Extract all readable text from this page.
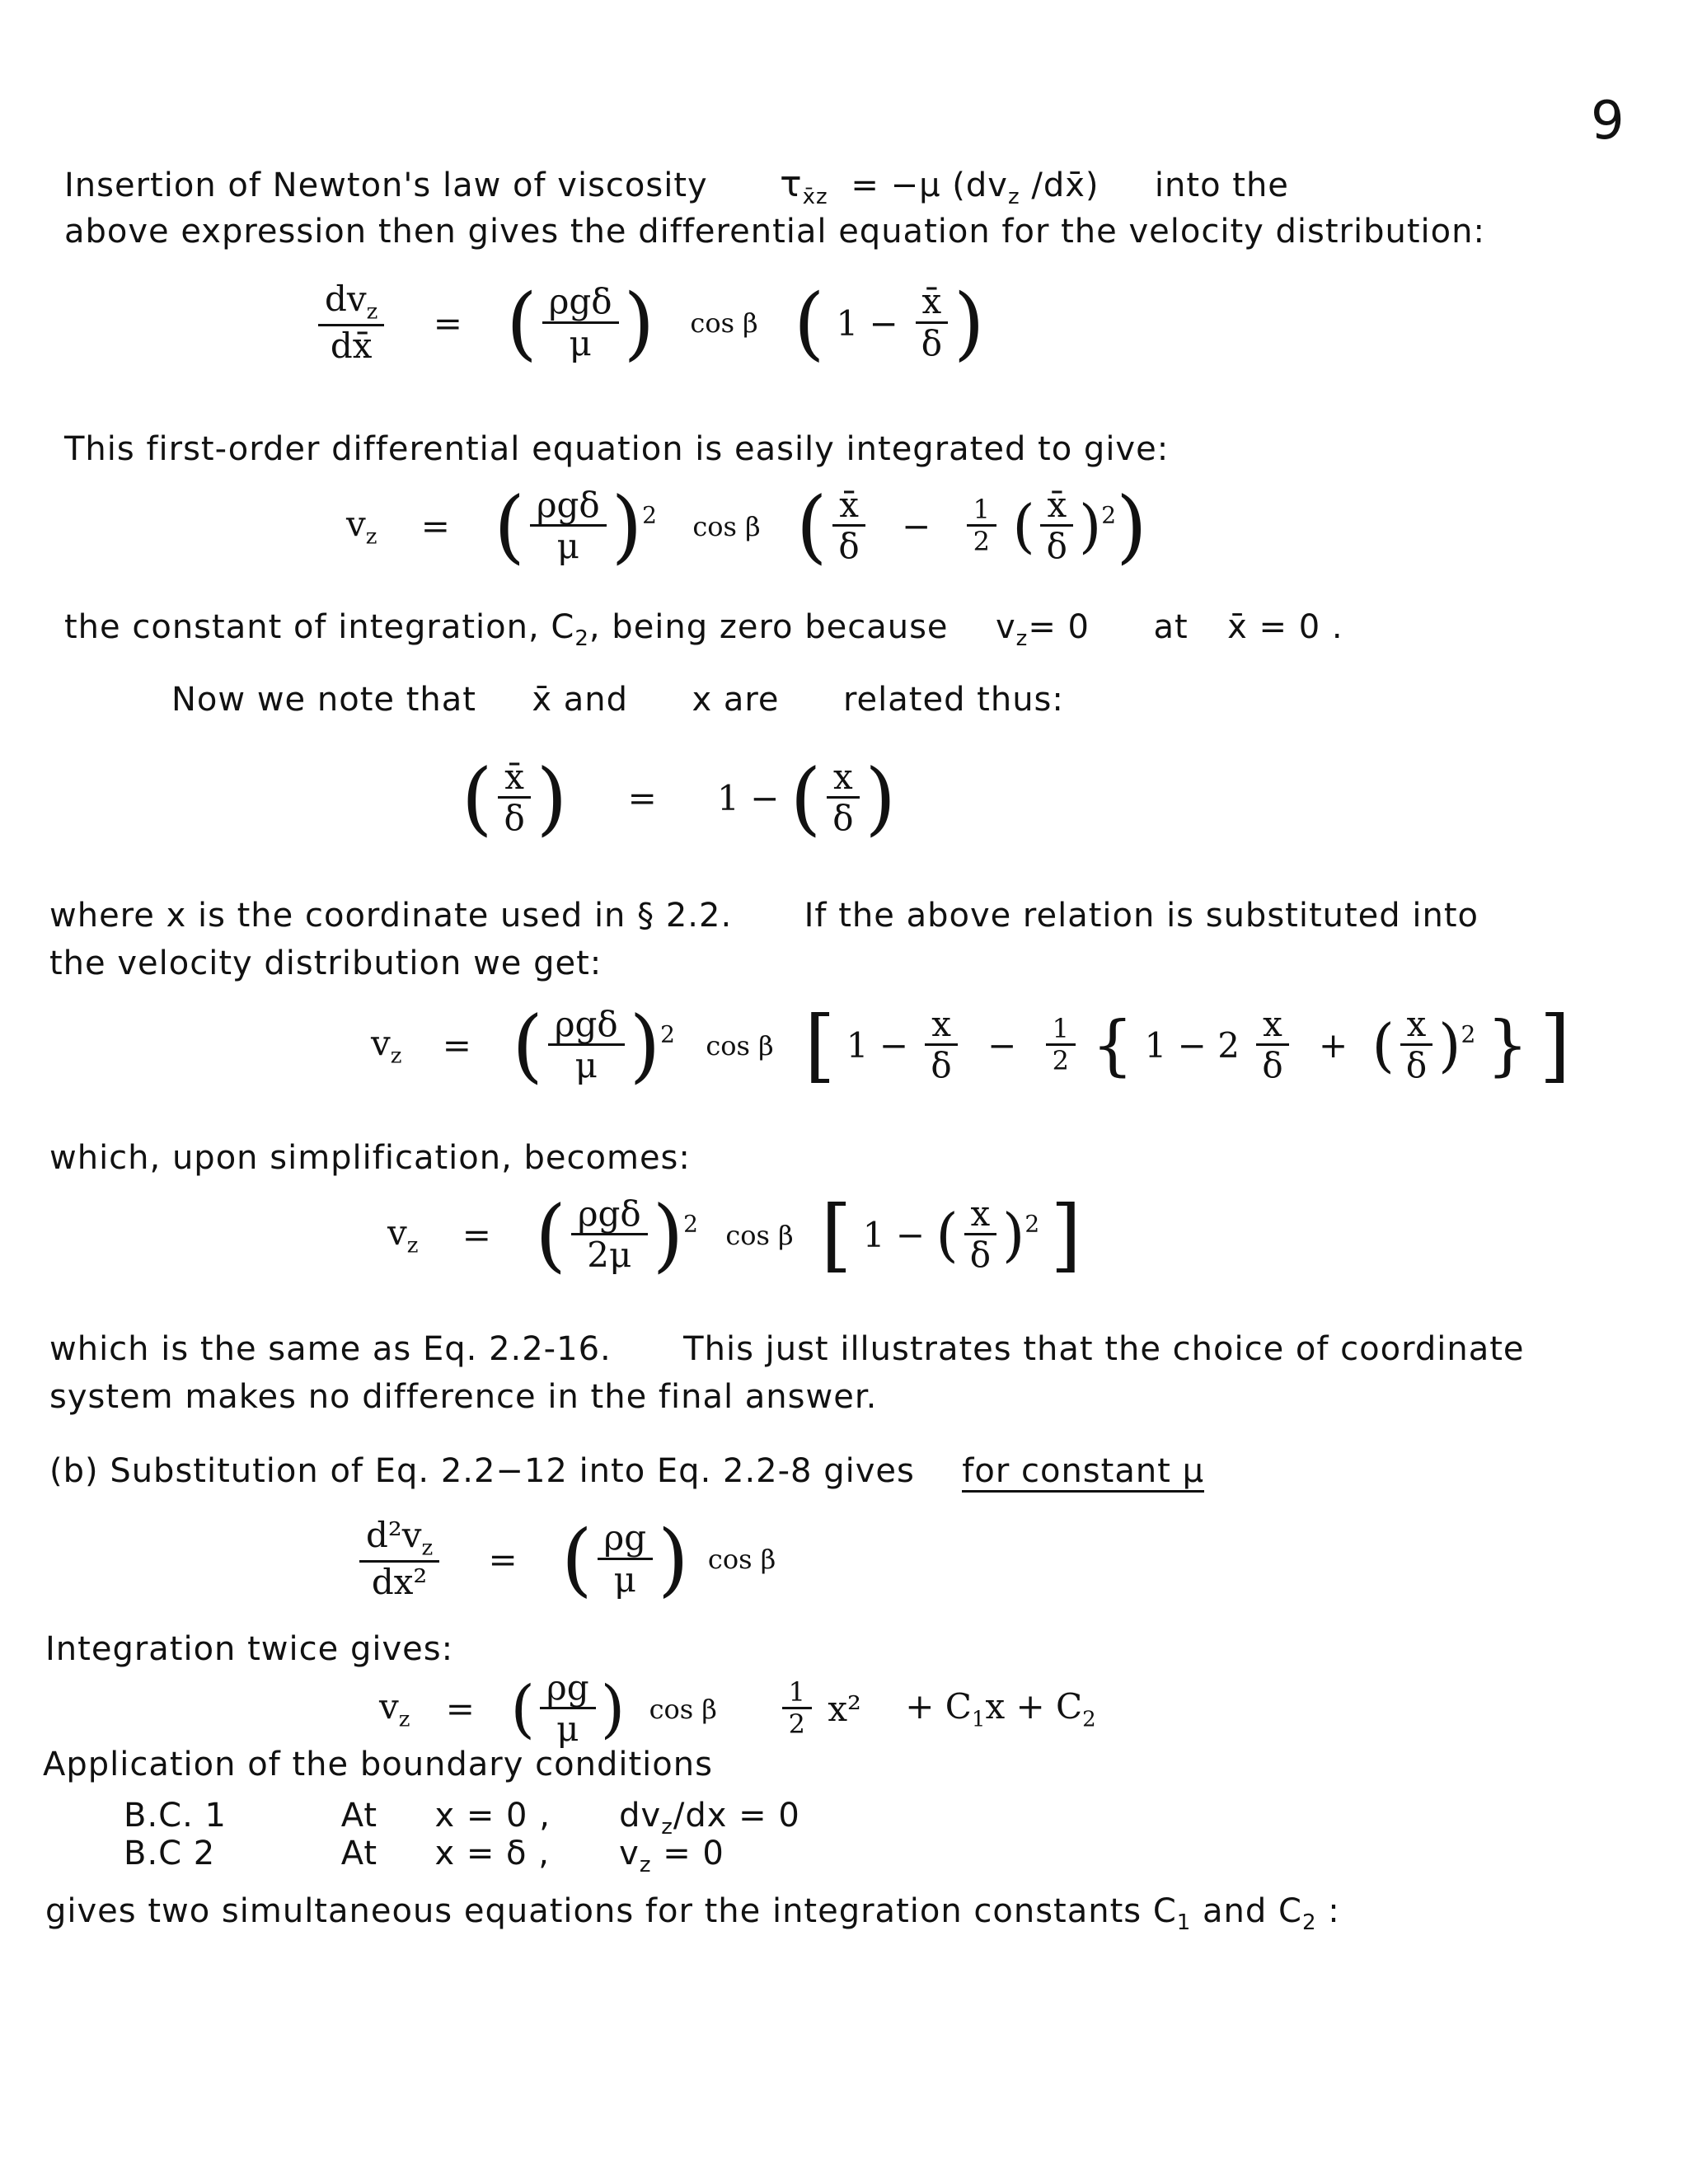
9
Insertion of Newton's law of viscosity $\tau_{x̄z} = -\mu$ ($dv_z$ /dx̄) into the
above expression then gives the differential equation for the velocity distribution:
$\frac{dv_z}{dx̄}$ = ( $\frac{\text{ρgδ}}{\mu}$ ) cos β ( $1 - \frac{x̄}{\delta}$ )
This first-order differential equation is easily integrated to give:
$v_z$ = ( $\frac{\text{ρgδ}}{\mu} )^2$ cos β ( $\frac{x̄}{\delta} - \frac{1}{2}$ ( $\frac{x̄}{\delta} )^2$)
the constant of integration, $C_2$, being zero because $v_z= 0$ at x̄ = 0 .
Now we note that x̄ and x are related thus:
( $\frac{x̄}{\delta}$ ) = 1 − ( $\frac{x}{\delta}$ )
where x is the coordinate used in § 2.2. If the above relation is substituted into
the velocity distribution we get:
$v_z$ = ( $\frac{\text{ρgδ}}{\mu} )^2$ cos β [ $1 - \frac{x}{\delta} - \frac{1}{2}$ { $1 - 2 \frac{x}{\delta}$ + ( $\frac{x}{\delta} )^2$ } ]
which, upon simplification, becomes:
$v_z$ = ( $\frac{\text{ρgδ}}{2\mu} )^2$ cos β [ 1 − ( $\frac{x}{\delta} )^2$ ]
which is the same as Eq. 2.2-16. This just illustrates that the choice of coordinate
system makes no difference in the final answer.
(b) Substitution of Eq. 2.2−12 into Eq. 2.2-8 gives for constant μ
$\frac{d^2v_z}{\text{dx²}}$ = ( $\frac{\rho g}{\mu}$ ) cos β
Integration twice gives:
$v_z$ = ( $\frac{\rho g}{\mu}$ ) cos β $\frac{1}{2} x^2 + C_1x + C_2$
Application of the boundary conditions
B.C. 1	At x = 0 , $dv_z/dx = 0$
B.C 2	At x = δ , $v_z = 0$
gives two simultaneous equations for the integration constants $C_1$ and $C_2$ :
